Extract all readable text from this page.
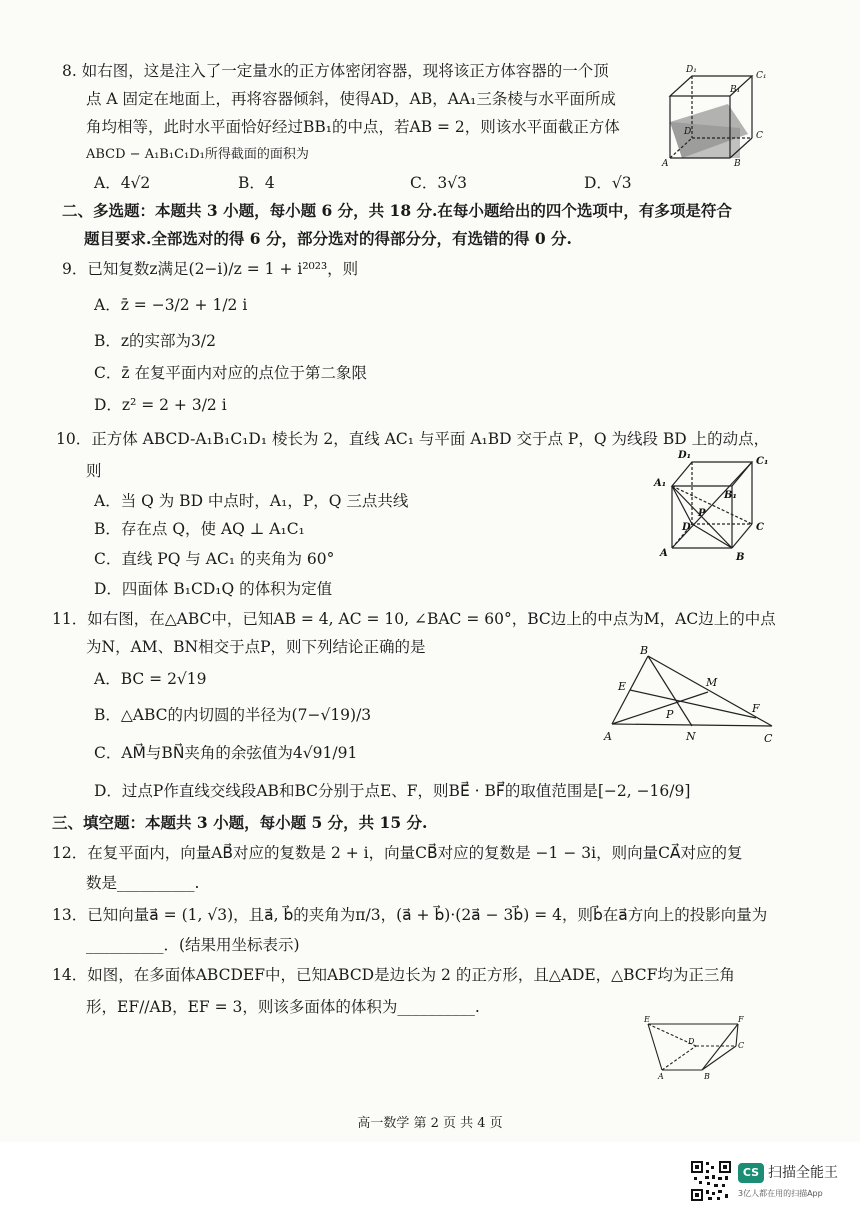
8. 如右图，这是注入了一定量水的正方体密闭容器，现将该正方体容器的一个顶
点 A 固定在地面上，再将容器倾斜，使得AD，AB，AA₁三条棱与水平面所成
角均相等，此时水平面恰好经过BB₁的中点，若AB = 2，则该水平面截正方体
ABCD − A₁B₁C₁D₁所得截面的面积为
A．4√2	B．4	C．3√3	D．√3
D₁
C₁
B₁
D	C
A	B
二、多选题：本题共 3 小题，每小题 6 分，共 18 分.在每小题给出的四个选项中，有多项是符合
题目要求.全部选对的得 6 分，部分选对的得部分分，有选错的得 0 分.
9．已知复数z满足(2−i)/z = 1 + i²⁰²³，则
A．z̄ = −3/2 + 1/2 i
B．z的实部为3/2
C．z̄ 在复平面内对应的点位于第二象限
D．z² = 2 + 3/2 i
10．正方体 ABCD-A₁B₁C₁D₁ 棱长为 2，直线 AC₁ 与平面 A₁BD 交于点 P，Q 为线段 BD 上的动点，
则
A．当 Q 为 BD 中点时，A₁，P，Q 三点共线
B．存在点 Q，使 AQ ⊥ A₁C₁
C．直线 PQ 与 AC₁ 的夹角为 60°
D．四面体 B₁CD₁Q 的体积为定值
D₁
C₁
A₁
B₁
P
D	C
A	B
11．如右图，在△ABC中，已知AB = 4, AC = 10, ∠BAC = 60°，BC边上的中点为M，AC边上的中点
为N，AM、BN相交于点P，则下列结论正确的是
A．BC = 2√19
B．△ABC的内切圆的半径为(7−√19)/3
C．AM⃗与BN⃗夹角的余弦值为4√91/91
D．过点P作直线交线段AB和BC分别于点E、F，则BE⃗ · BF⃗的取值范围是[−2, −16/9]
B
E	M
P	F
A	N	C
三、填空题：本题共 3 小题，每小题 5 分，共 15 分.
12．在复平面内，向量AB⃗对应的复数是 2 + i，向量CB⃗对应的复数是 −1 − 3i，则向量CA⃗对应的复
数是__________.
13．已知向量a⃗ = (1, √3)，且a⃗, b⃗的夹角为π/3，(a⃗ + b⃗)·(2a⃗ − 3b⃗) = 4，则b⃗在a⃗方向上的投影向量为
__________．(结果用坐标表示)
14．如图，在多面体ABCDEF中，已知ABCD是边长为 2 的正方形，且△ADE，△BCF均为正三角
形，EF//AB，EF = 3，则该多面体的体积为__________.
E	F
D	C
A	B
高一数学 第 2 页 共 4 页
CS 扫描全能王
3亿人都在用的扫描App
